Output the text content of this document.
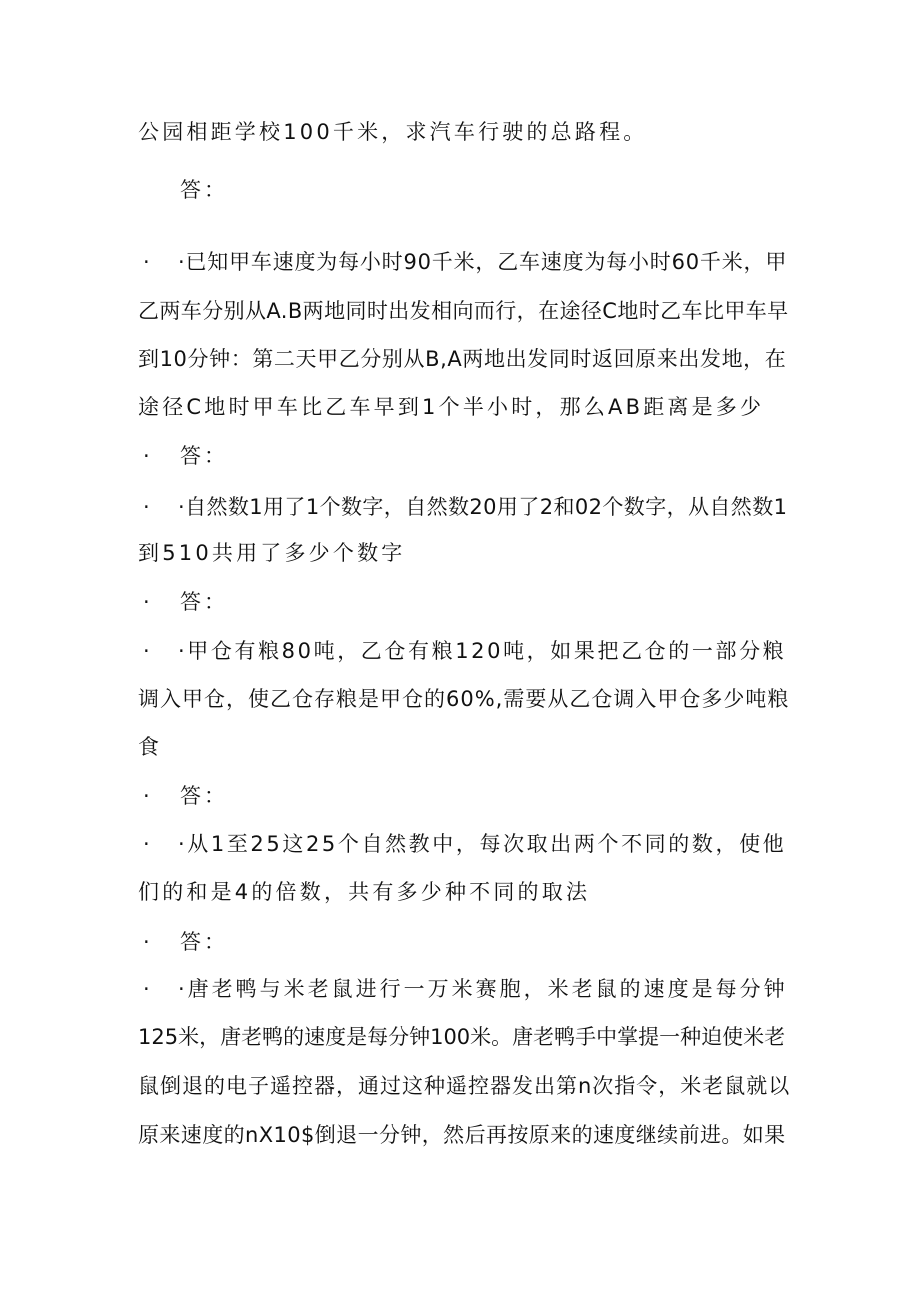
公园相距学校100千米，求汽车行驶的总路程。
答：
· ·已知甲车速度为每小时90千米，乙车速度为每小时60千米，甲
乙两车分别从A.B两地同时出发相向而行，在途径C地时乙车比甲车早
到10分钟：第二天甲乙分别从B,A两地出发同时返回原来出发地，在
途径C地时甲车比乙车早到1个半小时，那么AB距离是多少
· 答：
· ·自然数1用了1个数字，自然数20用了2和02个数字，从自然数1
到510共用了多少个数字
· 答：
· ·甲仓有粮80吨，乙仓有粮120吨，如果把乙仓的一部分粮
调入甲仓，使乙仓存粮是甲仓的60%,需要从乙仓调入甲仓多少吨粮
食
· 答：
· ·从1至25这25个自然教中，每次取出两个不同的数，使他
们的和是4的倍数，共有多少种不同的取法
· 答：
· ·唐老鸭与米老鼠进行一万米赛胞，米老鼠的速度是每分钟
125米，唐老鸭的速度是每分钟100米。唐老鸭手中掌提一种迫使米老
鼠倒退的电子遥控器，通过这种遥控器发出第n次指令，米老鼠就以
原来速度的nX10$倒退一分钟，然后再按原来的速度继续前进。如果
